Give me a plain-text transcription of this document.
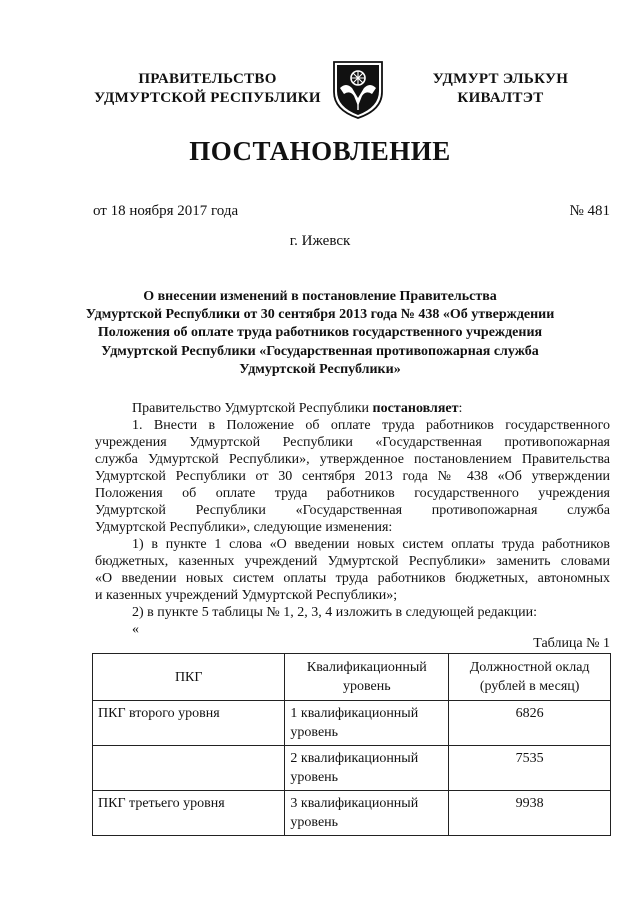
ПРАВИТЕЛЬСТВО
УДМУРТСКОЙ РЕСПУБЛИКИ
УДМУРТ ЭЛЬКУН
КИВАЛТЭТ
ПОСТАНОВЛЕНИЕ
от 18 ноября 2017 года	№ 481
г. Ижевск
О внесении изменений в постановление Правительства
Удмуртской Республики от 30 сентября 2013 года № 438 «Об утверждении
Положения об оплате труда работников государственного учреждения
Удмуртской Республики «Государственная противопожарная служба
Удмуртской Республики»
Правительство Удмуртской Республики постановляет:
1. Внести в Положение об оплате труда работников государственного
учреждения Удмуртской Республики «Государственная противопожарная
служба Удмуртской Республики», утвержденное постановлением Правительства
Удмуртской Республики от 30 сентября 2013 года № 438 «Об утверждении
Положения об оплате труда работников государственного учреждения
Удмуртской Республики «Государственная противопожарная служба
Удмуртской Республики», следующие изменения:
1) в пункте 1 слова «О введении новых систем оплаты труда работников
бюджетных, казенных учреждений Удмуртской Республики» заменить словами
«О введении новых систем оплаты труда работников бюджетных, автономных
и казенных учреждений Удмуртской Республики»;
2) в пункте 5 таблицы № 1, 2, 3, 4 изложить в следующей редакции:
«
Таблица № 1
ПКГ	Квалификационный уровень	Должностной оклад (рублей в месяц)
ПКГ второго уровня	1 квалификационный уровень	6826
	2 квалификационный уровень	7535
ПКГ третьего уровня	3 квалификационный уровень	9938
